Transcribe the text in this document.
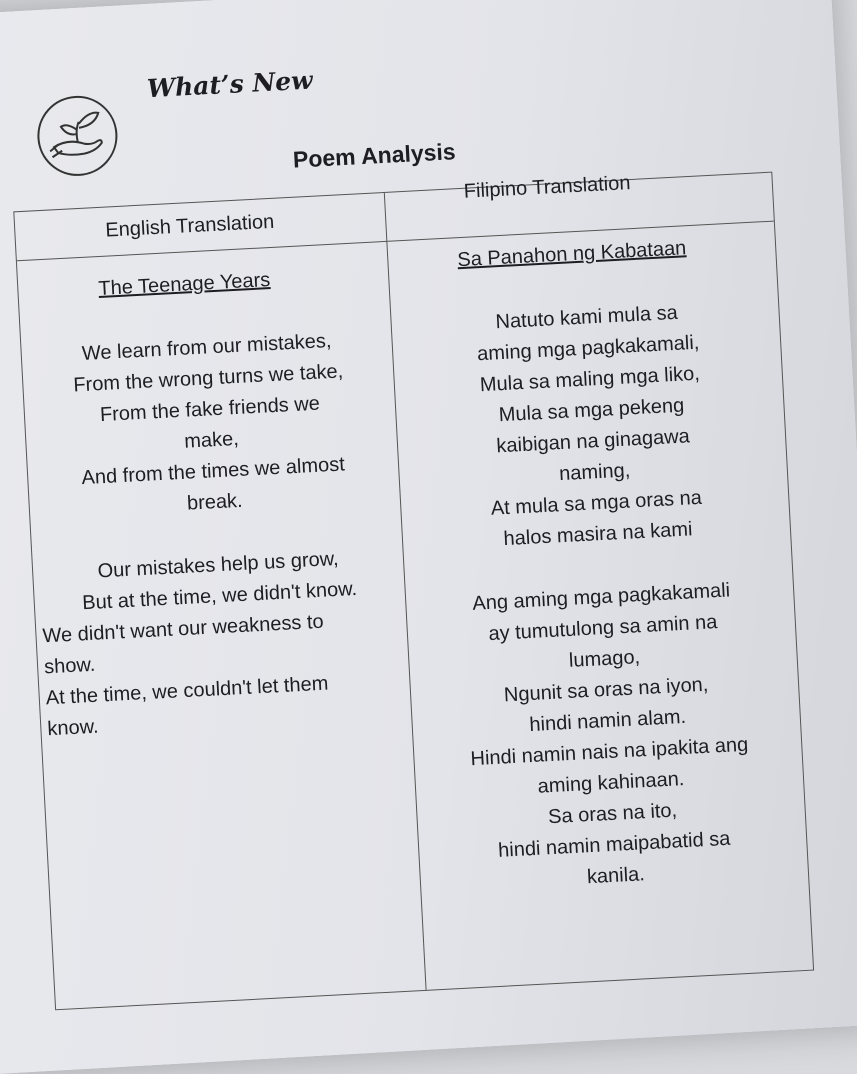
What’s New
Poem Analysis
English Translation
Filipino Translation
The Teenage Years
Sa Panahon ng Kabataan
We learn from our mistakes,
From the wrong turns we take,
From the fake friends we
make,
And from the times we almost
break.
Our mistakes help us grow,
But at the time, we didn't know.
We didn't want our weakness to
show.
At the time, we couldn't let them
know.
Natuto kami mula sa
aming mga pagkakamali,
Mula sa maling mga liko,
Mula sa mga pekeng
kaibigan na ginagawa
naming,
At mula sa mga oras na
halos masira na kami
Ang aming mga pagkakamali
ay tumutulong sa amin na
lumago,
Ngunit sa oras na iyon,
hindi namin alam.
Hindi namin nais na ipakita ang
aming kahinaan.
Sa oras na ito,
hindi namin maipabatid sa
kanila.
